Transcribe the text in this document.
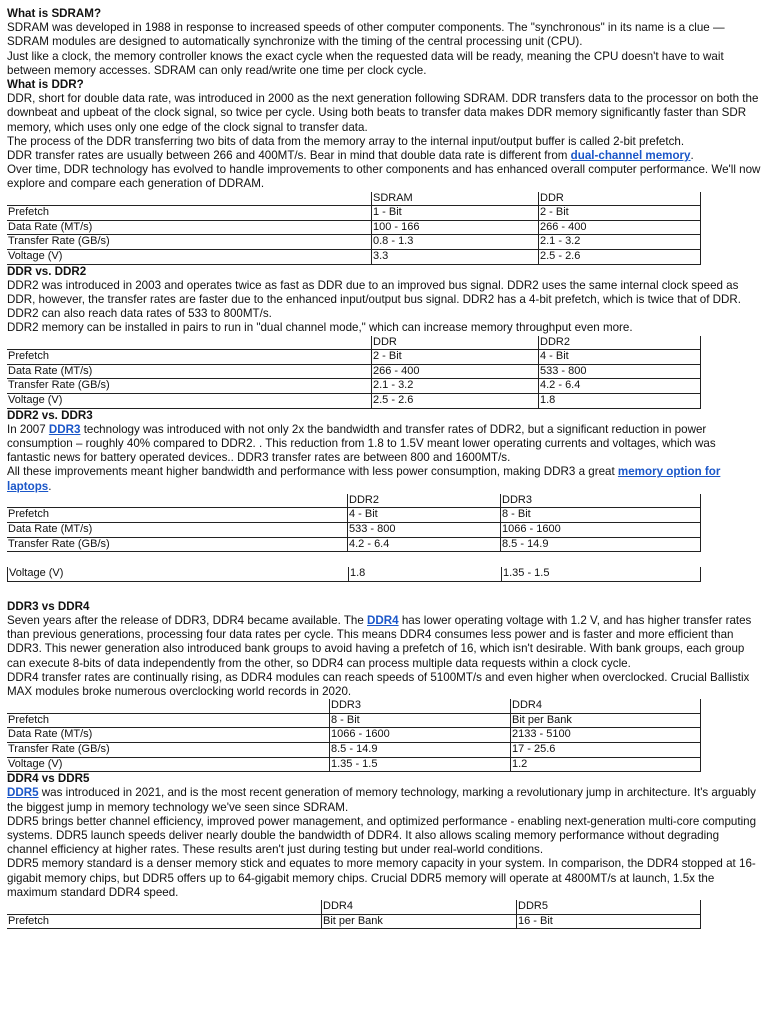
What is SDRAM?

SDRAM was developed in 1988 in response to increased speeds of other computer components. The "synchronous" in its name is a clue — SDRAM modules are designed to automatically synchronize with the timing of the central processing unit (CPU).

Just like a clock, the memory controller knows the exact cycle when the requested data will be ready, meaning the CPU doesn't have to wait between memory accesses. SDRAM can only read/write one time per clock cycle.

What is DDR?

DDR, short for double data rate, was introduced in 2000 as the next generation following SDRAM. DDR transfers data to the processor on both the downbeat and upbeat of the clock signal, so twice per cycle. Using both beats to transfer data makes DDR memory significantly faster than SDR memory, which uses only one edge of the clock signal to transfer data.

The process of the DDR transferring two bits of data from the memory array to the internal input/output buffer is called 2-bit prefetch.

DDR transfer rates are usually between 266 and 400MT/s. Bear in mind that double data rate is different from dual-channel memory.

Over time, DDR technology has evolved to handle improvements to other components and has enhanced overall computer performance. We'll now explore and compare each generation of DDRAM.

	SDRAM	DDR
Prefetch	1 - Bit	2 - Bit
Data Rate (MT/s)	100 - 166	266 - 400
Transfer Rate (GB/s)	0.8 - 1.3	2.1 - 3.2
Voltage (V)	3.3	2.5 - 2.6
DDR vs. DDR2

DDR2 was introduced in 2003 and operates twice as fast as DDR due to an improved bus signal. DDR2 uses the same internal clock speed as DDR, however, the transfer rates are faster due to the enhanced input/output bus signal. DDR2 has a 4-bit prefetch, which is twice that of DDR. DDR2 can also reach data rates of 533 to 800MT/s.

DDR2 memory can be installed in pairs to run in "dual channel mode," which can increase memory throughput even more.

	DDR	DDR2
Prefetch	2 - Bit	4 - Bit
Data Rate (MT/s)	266 - 400	533 - 800
Transfer Rate (GB/s)	2.1 - 3.2	4.2 - 6.4
Voltage (V)	2.5 - 2.6	1.8
DDR2 vs. DDR3

In 2007 DDR3 technology was introduced with not only 2x the bandwidth and transfer rates of DDR2, but a significant reduction in power consumption – roughly 40% compared to DDR2. . This reduction from 1.8 to 1.5V meant lower operating currents and voltages, which was fantastic news for battery operated devices.. DDR3 transfer rates are between 800 and 1600MT/s.

All these improvements meant higher bandwidth and performance with less power consumption, making DDR3 a great memory option for laptops.

	DDR2	DDR3
Prefetch	4 - Bit	8 - Bit
Data Rate (MT/s)	533 - 800	1066 - 1600
Transfer Rate (GB/s)	4.2 - 6.4	8.5 - 14.9
Voltage (V)	1.8	1.35 - 1.5
DDR3 vs DDR4

Seven years after the release of DDR3, DDR4 became available. The DDR4 has lower operating voltage with 1.2 V, and has higher transfer rates than previous generations, processing four data rates per cycle. This means DDR4 consumes less power and is faster and more efficient than DDR3. This newer generation also introduced bank groups to avoid having a prefetch of 16, which isn't desirable. With bank groups, each group can execute 8-bits of data independently from the other, so DDR4 can process multiple data requests within a clock cycle.

DDR4 transfer rates are continually rising, as DDR4 modules can reach speeds of 5100MT/s and even higher when overclocked. Crucial Ballistix MAX modules broke numerous overclocking world records in 2020.

	DDR3	DDR4
Prefetch	8 - Bit	Bit per Bank
Data Rate (MT/s)	1066 - 1600	2133 - 5100
Transfer Rate (GB/s)	8.5 - 14.9	17 - 25.6
Voltage (V)	1.35 - 1.5	1.2
DDR4 vs DDR5

DDR5 was introduced in 2021, and is the most recent generation of memory technology, marking a revolutionary jump in architecture. It's arguably the biggest jump in memory technology we've seen since SDRAM.

DDR5 brings better channel efficiency, improved power management, and optimized performance - enabling next-generation multi-core computing systems. DDR5 launch speeds deliver nearly double the bandwidth of DDR4. It also allows scaling memory performance without degrading channel efficiency at higher rates. These results aren't just during testing but under real-world conditions.

DDR5 memory standard is a denser memory stick and equates to more memory capacity in your system. In comparison, the DDR4 stopped at 16-gigabit memory chips, but DDR5 offers up to 64-gigabit memory chips. Crucial DDR5 memory will operate at 4800MT/s at launch, 1.5x the maximum standard DDR4 speed.

	DDR4	DDR5
Prefetch	Bit per Bank	16 - Bit
